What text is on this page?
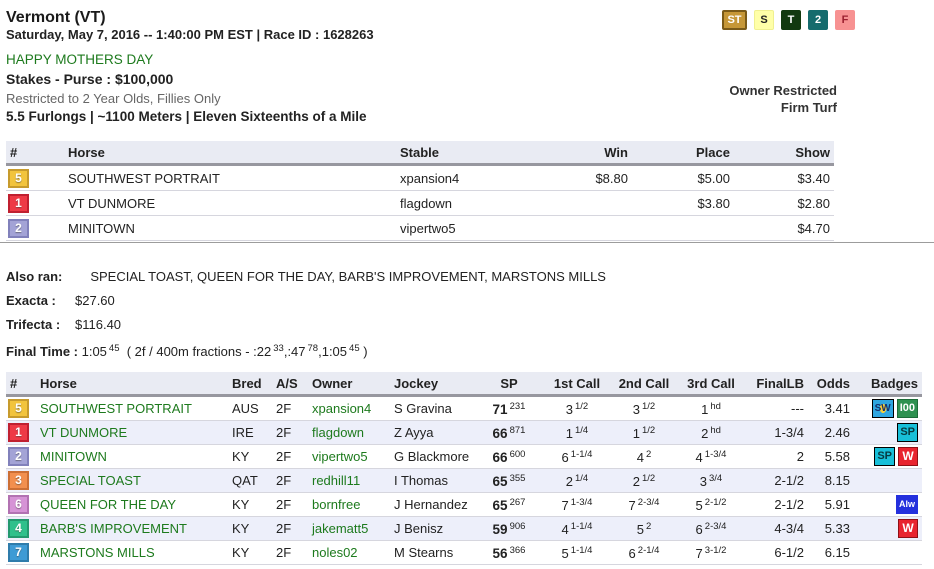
Vermont (VT)
Saturday, May 7, 2016 -- 1:40:00 PM EST | Race ID : 1628263
HAPPY MOTHERS DAY
Stakes - Purse : $100,000
Restricted to 2 Year Olds, Fillies Only
5.5 Furlongs | ~1100 Meters | Eleven Sixteenths of a Mile
ST S T 2 F
Owner Restricted
Firm Turf
#	Horse	Stable	Win	Place	Show
5	SOUTHWEST PORTRAIT	xpansion4	$8.80	$5.00	$3.40
1	VT DUNMORE	flagdown		$3.80	$2.80
2	MINITOWN	vipertwo5			$4.70
Also ran: SPECIAL TOAST, QUEEN FOR THE DAY, BARB'S IMPROVEMENT, MARSTONS MILLS
Exacta : $27.60
Trifecta : $116.40
Final Time : 1:05 $^{45}$  ( 2f / 400m fractions - :22 $^{33}$,:47 $^{78}$,1:05 $^{45}$ )
#	Horse	Bred	A/S	Owner	Jockey	SP	1st Call	2nd Call	3rd Call	FinalLB	Odds	Badges
5	SOUTHWEST PORTRAIT	AUS	2F	xpansion4	S Gravina	71 $^{231}$	3 $^{1/2}$	3 $^{1/2}$	1 $^{hd}$	---	3.41	SW I00
1	VT DUNMORE	IRE	2F	flagdown	Z Ayya	66 $^{871}$	1 $^{1/4}$	1 $^{1/2}$	2 $^{hd}$	1-3/4	2.46	SP
2	MINITOWN	KY	2F	vipertwo5	G Blackmore	66 $^{600}$	6 $^{1-1/4}$	4 $^2$	4 $^{1-3/4}$	2	5.58	SP W
3	SPECIAL TOAST	QAT	2F	redhill11	I Thomas	65 $^{355}$	2 $^{1/4}$	2 $^{1/2}$	3 $^{3/4}$	2-1/2	8.15	
6	QUEEN FOR THE DAY	KY	2F	bornfree	J Hernandez	65 $^{267}$	7 $^{1-3/4}$	7 $^{2-3/4}$	5 $^{2-1/2}$	2-1/2	5.91	Alw
4	BARB'S IMPROVEMENT	KY	2F	jakematt5	J Benisz	59 $^{906}$	4 $^{1-1/4}$	5 $^2$	6 $^{2-3/4}$	4-3/4	5.33	W
7	MARSTONS MILLS	KY	2F	noles02	M Stearns	56 $^{366}$	5 $^{1-1/4}$	6 $^{2-1/4}$	7 $^{3-1/2}$	6-1/2	6.15	
